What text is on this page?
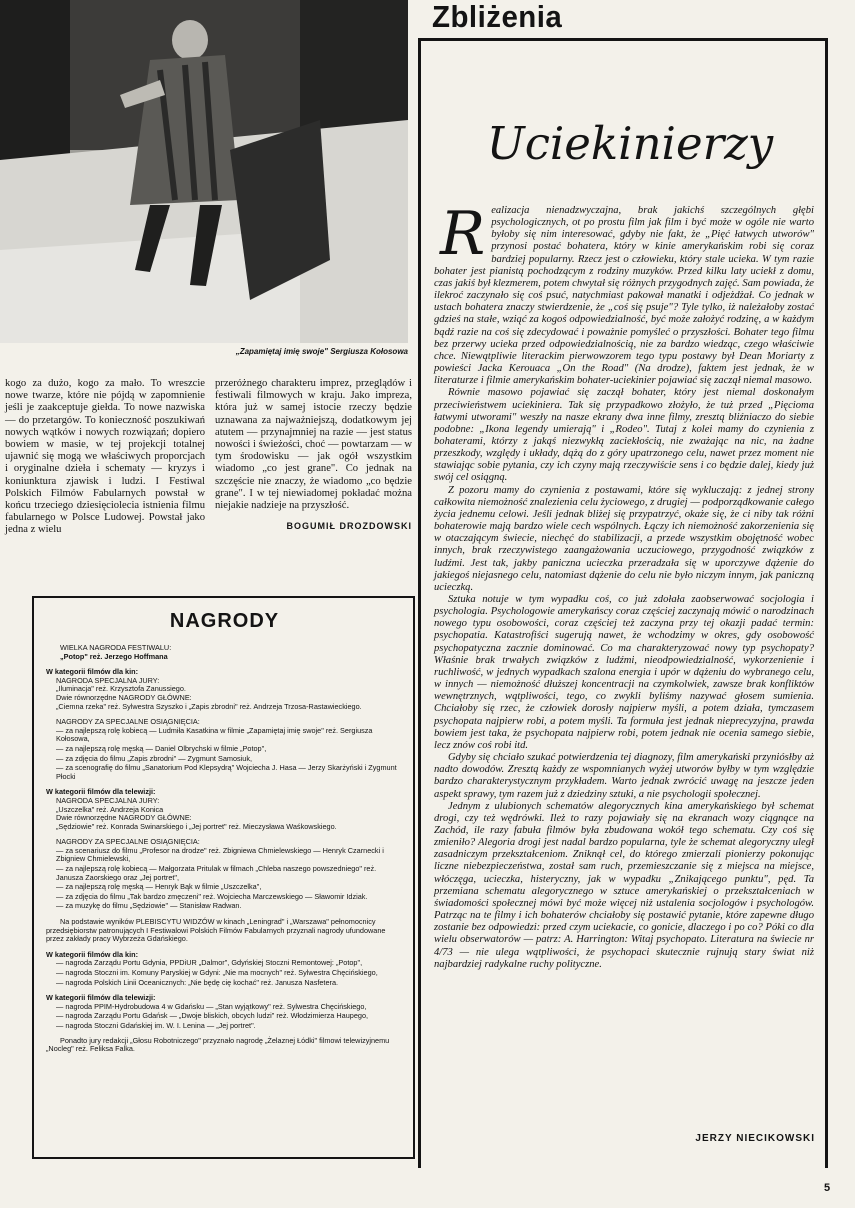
„Zapamiętaj imię swoje" Sergiusza Kołosowa
kogo za dużo, kogo za mało. To wreszcie nowe twarze, które nie pójdą w zapomnienie jeśli je zaakceptuje giełda. To nowe nazwiska — do przetargów. To konieczność poszukiwań nowych wątków i nowych rozwiązań; dopiero bowiem w masie, w tej projekcji totalnej ujawnić się mogą we właściwych proporcjach i oryginalne dzieła i schematy — kryzys i koniunktura zjawisk i ludzi. I Festiwal Polskich Filmów Fabularnych powstał w końcu trzeciego dziesięciolecia istnienia filmu fabularnego w Polsce Ludowej. Powstał jako jedna z wielu
przeróżnego charakteru imprez, przeglądów i festiwali filmowych w kraju. Jako impreza, która już w samej istocie rzeczy będzie uznawana za najważniejszą, dodatkowym jej atutem — przynajmniej na razie — jest status nowości i świeżości, choć — powtarzam — w tym środowisku — jak ogół wszystkim wiadomo „co jest grane". Co jednak na szczęście nie znaczy, że wiadomo „co będzie grane". I w tej niewiadomej pokładać można niejakie nadzieje na przyszłość.
BOGUMIŁ DROZDOWSKI
NAGRODY
WIELKA NAGRODA FESTIWALU:
„Potop" reż. Jerzego Hoffmana
W kategorii filmów dla kin:
NAGRODA SPECJALNA JURY:
„Iluminacja" reż. Krzysztofa Zanussiego.
Dwie równorzędne NAGRODY GŁÓWNE:
„Ciemna rzeka" reż. Sylwestra Szyszko i „Zapis zbrodni" reż. Andrzeja Trzosa-Rastawieckiego.
NAGRODY ZA SPECJALNE OSIĄGNIĘCIA:
— za najlepszą rolę kobiecą — Ludmiła Kasatkina w filmie „Zapamiętaj imię swoje" reż. Sergiusza Kołosowa,
— za najlepszą rolę męską — Daniel Olbrychski w filmie „Potop",
— za zdjęcia do filmu „Zapis zbrodni" — Zygmunt Samosiuk,
— za scenografię do filmu „Sanatorium Pod Klepsydrą" Wojciecha J. Hasa — Jerzy Skarżyński i Zygmunt Płocki
W kategorii filmów dla telewizji:
NAGRODA SPECJALNA JURY:
„Uszczelka" reż. Andrzeja Konica
Dwie równorzędne NAGRODY GŁÓWNE:
„Sędziowie" reż. Konrada Swinarskiego i „Jej portret" reż. Mieczysława Waśkowskiego.
NAGRODY ZA SPECJALNE OSIĄGNIĘCIA:
— za scenariusz do filmu „Profesor na drodze" reż. Zbigniewa Chmielewskiego — Henryk Czarnecki i Zbigniew Chmielewski,
— za najlepszą rolę kobiecą — Małgorzata Pritulak w filmach „Chleba naszego powszedniego" reż. Janusza Zaorskiego oraz „Jej portret",
— za najlepszą rolę męską — Henryk Bąk w filmie „Uszczelka",
— za zdjęcia do filmu „Tak bardzo zmęczeni" reż. Wojciecha Marczewskiego — Sławomir Idziak.
— za muzykę do filmu „Sędziowie" — Stanisław Radwan.
Na podstawie wyników PLEBISCYTU WIDZÓW w kinach „Leningrad" i „Warszawa" pełnomocnicy przedsiębiorstw patronujących I Festiwalowi Polskich Filmów Fabularnych przyznali nagrody ufundowane przez zakłady pracy Wybrzeża Gdańskiego.
W kategorii filmów dla kin:
— nagroda Zarządu Portu Gdynia, PPDiUR „Dalmor", Gdyńskiej Stoczni Remontowej: „Potop",
— nagroda Stoczni im. Komuny Paryskiej w Gdyni: „Nie ma mocnych" reż. Sylwestra Chęcińskiego,
— nagroda Polskich Linii Oceanicznych: „Nie będę cię kochać" reż. Janusza Nasfetera.
W kategorii filmów dla telewizji:
— nagroda PPIM-Hydrobudowa 4 w Gdańsku — „Stan wyjątkowy" reż. Sylwestra Chęcińskiego,
— nagroda Zarządu Portu Gdańsk — „Dwoje bliskich, obcych ludzi" reż. Włodzimierza Haupego,
— nagroda Stoczni Gdańskiej im. W. I. Lenina — „Jej portret".
Ponadto jury redakcji „Głosu Robotniczego" przyznało nagrodę „Żelaznej Łódki" filmowi telewizyjnemu „Nocleg" reż. Feliksa Falka.
Zbliżenia
Uciekinierzy

Realizacja nienadzwyczajna, brak jakichś szczególnych głębi psychologicznych, ot po prostu film jak film i być może w ogóle nie warto byłoby się nim interesować, gdyby nie fakt, że „Pięć łatwych utworów" przynosi postać bohatera, który w kinie amerykańskim robi się coraz bardziej popularny. Rzecz jest o człowieku, który stale ucieka. W tym razie bohater jest pianistą pochodzącym z rodziny muzyków. Przed kilku laty uciekł z domu, czas jakiś był klezmerem, potem chwytał się różnych przygodnych zajęć. Sam powiada, że ilekroć zaczynało się coś psuć, natychmiast pakował manatki i odjeżdżał. Co jednak w ustach bohatera znaczy stwierdzenie, że „coś się psuje"? Tyle tylko, iż należałoby zostać gdzieś na stałe, wziąć za kogoś odpowiedzialność, być może założyć rodzinę, a w każdym bądź razie na coś się zdecydować i poważnie pomyśleć o przyszłości. Bohater tego filmu bez przerwy ucieka przed odpowiedzialnością, nie za bardzo wiedząc, czego właściwie chce. Niewątpliwie literackim pierwowzorem tego typu postawy był Dean Moriarty z powieści Jacka Kerouaca „On the Road" (Na drodze), faktem jest jednak, że w literaturze i filmie amerykańskim bohater-uciekinier pojawiać się zaczął niemal masowo.

Równie masowo pojawiać się zaczął bohater, który jest niemal doskonałym przeciwieństwem uciekiniera. Tak się przypadkowo złożyło, że tuż przed „Pięcioma łatwymi utworami" weszły na nasze ekrany dwa inne filmy, zresztą bliźniaczo do siebie podobne: „Ikona legendy umierają" i „Rodeo". Tutaj z kolei mamy do czynienia z bohaterami, którzy z jakąś niezwykłą zaciekłością, nie zważając na nic, na żadne przeszkody, względy i układy, dążą do z góry upatrzonego celu, nawet przez moment nie stawiając sobie pytania, czy ich czyny mają rzeczywiście sens i co będzie dalej, kiedy już swój cel osiągną.

Z pozoru mamy do czynienia z postawami, które się wykluczają: z jednej strony całkowita niemożność znalezienia celu życiowego, z drugiej — podporządkowanie całego życia jednemu celowi. Jeśli jednak bliżej się przypatrzyć, okaże się, że ci niby tak różni bohaterowie mają bardzo wiele cech wspólnych. Łączy ich niemożność zakorzenienia się w otaczającym świecie, niechęć do stabilizacji, a przede wszystkim obojętność wobec innych, brak rzeczywistego zaangażowania uczuciowego, przygodność związków z ludźmi. Jest tak, jakby paniczna ucieczka przeradzała się w uporczywe dążenie do jakiegoś niejasnego celu, natomiast dążenie do celu nie było niczym innym, jak paniczną ucieczką.

Sztuka notuje w tym wypadku coś, co już zdołała zaobserwować socjologia i psychologia. Psychologowie amerykańscy coraz częściej zaczynają mówić o narodzinach nowego typu osobowości, coraz częściej też zaczyna przy tej okazji padać termin: psychopatia. Katastrofiści sugerują nawet, że wchodzimy w okres, gdy osobowość psychopatyczna zacznie dominować. Co ma charakteryzować nowy typ psychopaty? Właśnie brak trwałych związków z ludźmi, nieodpowiedzialność, wykorzenienie i ruchliwość, w jednych wypadkach szalona energia i upór w dążeniu do wybranego celu, w innych — niemożność dłuższej koncentracji na czymkolwiek, zawsze brak konfliktów wewnętrznych, wątpliwości, tego, co zwykli byliśmy nazywać głosem sumienia. Chciałoby się rzec, że człowiek dorosły najpierw myśli, a potem działa, tymczasem psychopata najpierw robi, a potem myśli. Ta formuła jest jednak nieprecyzyjna, prawda bowiem jest taka, że psychopata najpierw robi, potem jednak nie ocenia samego siebie, lecz znów coś robi itd.

Gdyby się chciało szukać potwierdzenia tej diagnozy, film amerykański przyniósłby aż nadto dowodów. Zresztą każdy ze wspomnianych wyżej utworów byłby w tym względzie bardzo charakterystycznym przykładem. Warto jednak zwrócić uwagę na jeszcze jeden aspekt sprawy, tym razem już z dziedziny sztuki, a nie psychologii społecznej.

Jednym z ulubionych schematów alegorycznych kina amerykańskiego był schemat drogi, czy też wędrówki. Ileż to razy pojawiały się na ekranach wozy ciągnące na Zachód, ile razy fabuła filmów była zbudowana wokół tego schematu. Czy coś się zmieniło? Alegoria drogi jest nadal bardzo popularna, tyle że schemat alegoryczny uległ zasadniczym przekształceniom. Zniknął cel, do którego zmierzali pionierzy pokonując liczne niebezpieczeństwa, został sam ruch, przemieszczanie się z miejsca na miejsce, włóczęga, ucieczka, histeryczny, jak w wypadku „Znikającego punktu", pęd. Ta przemiana schematu alegorycznego w sztuce amerykańskiej o przekształceniach w świadomości społecznej mówi być może więcej niż ustalenia socjologów i psychologów. Patrząc na te filmy i ich bohaterów chciałoby się postawić pytanie, które zapewne długo zostanie bez odpowiedzi: przed czym uciekacie, co gonicie, dlaczego i po co? Póki co dla wielu obserwatorów — patrz: A. Harrington: Witaj psychopato. Literatura na świecie nr 4/73 — nie ulega wątpliwości, że psychopaci skutecznie rujnują stary świat niż najbardziej radykalne ruchy polityczne.

JERZY NIECIKOWSKI
5
